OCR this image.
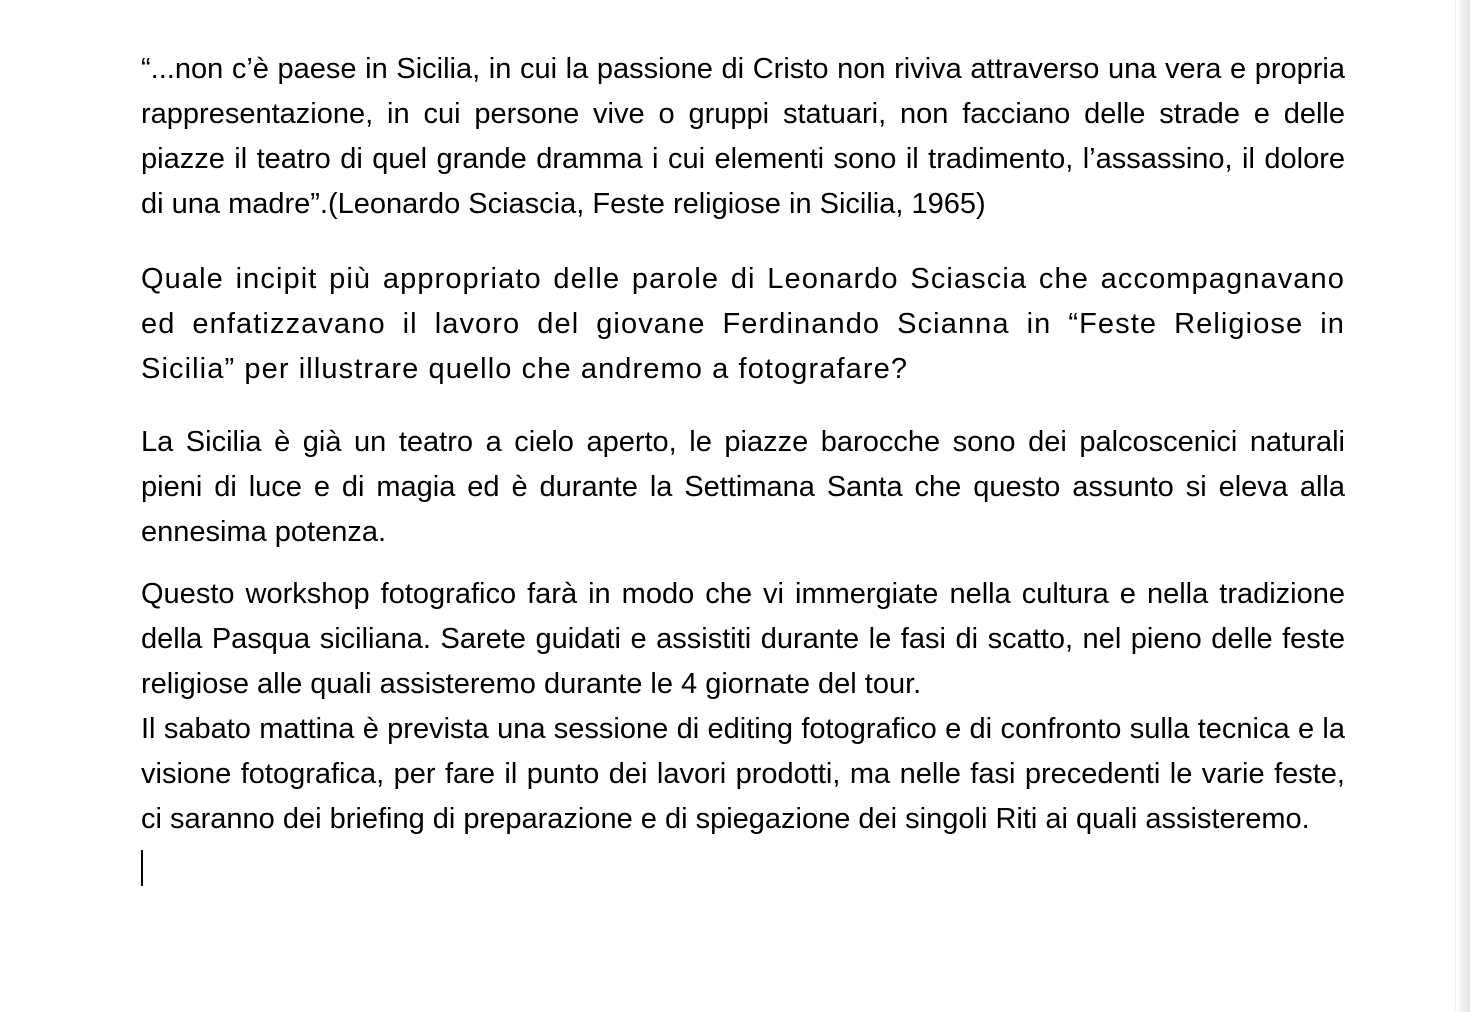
“...non c’è paese in Sicilia, in cui la passione di Cristo non riviva attraverso una vera e propria rappresentazione, in cui persone vive o gruppi statuari, non facciano delle strade e delle piazze il teatro di quel grande dramma i cui elementi sono il tradimento, l’assassino, il dolore di una madre”.(Leonardo Sciascia, Feste religiose in Sicilia, 1965)

Quale incipit più appropriato delle parole di Leonardo Sciascia che accompagnavano ed enfatizzavano il lavoro del giovane Ferdinando Scianna in “Feste Religiose in Sicilia” per illustrare quello che andremo a fotografare?

La Sicilia è già un teatro a cielo aperto, le piazze barocche sono dei palcoscenici naturali pieni di luce e di magia ed è durante la Settimana Santa che questo assunto si eleva alla ennesima potenza.

Questo workshop fotografico farà in modo che vi immergiate nella cultura e nella tradizione della Pasqua siciliana. Sarete guidati e assistiti durante le fasi di scatto, nel pieno delle feste religiose alle quali assisteremo durante le 4 giornate del tour.

Il sabato mattina è prevista una sessione di editing fotografico e di confronto sulla tecnica e la visione fotografica, per fare il punto dei lavori prodotti, ma nelle fasi precedenti le varie feste, ci saranno dei briefing di preparazione e di spiegazione dei singoli Riti ai quali assisteremo.
